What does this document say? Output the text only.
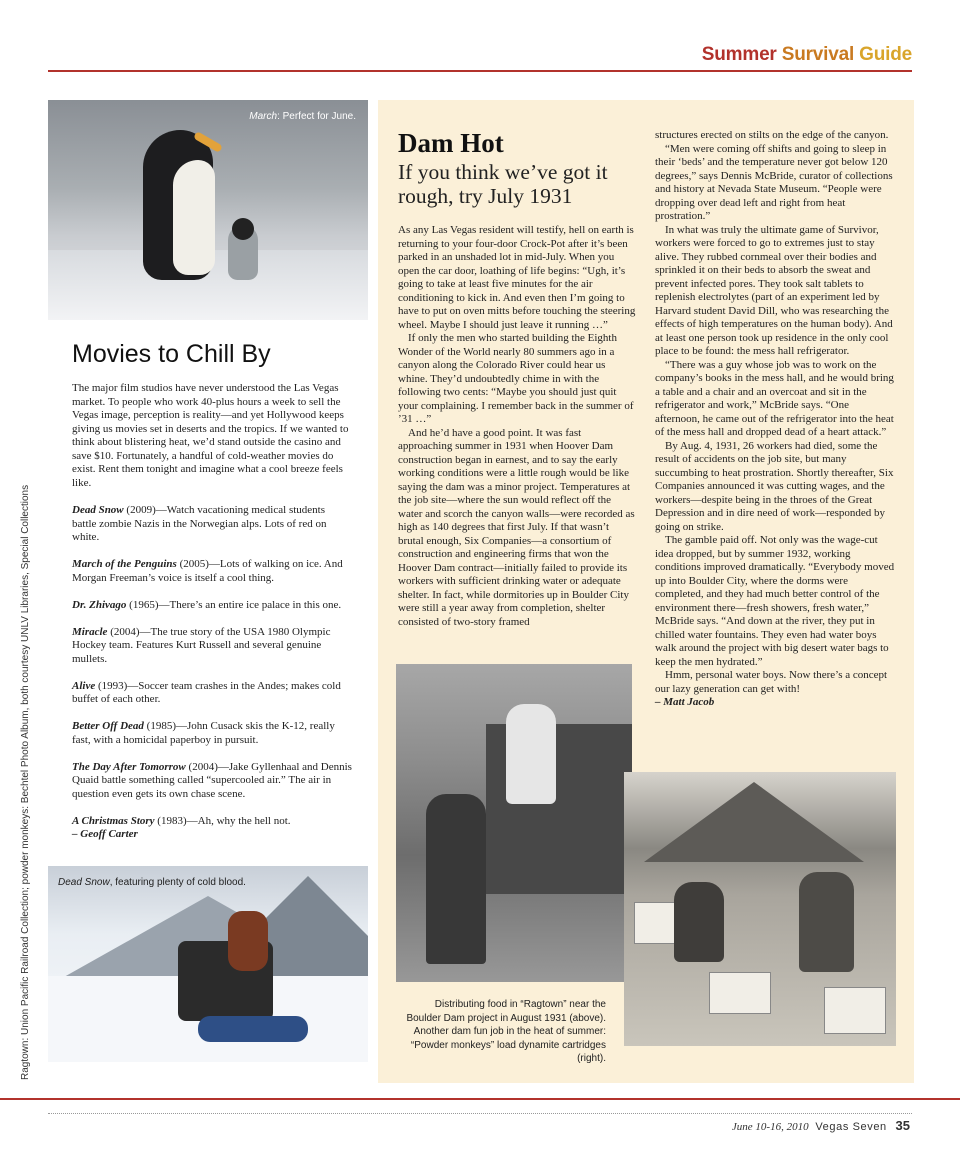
Summer Survival Guide
Ragtown: Union Pacific Railroad Collection; powder monkeys: Bechtel Photo Album, both courtesy UNLV Libraries, Special Collections
March: Perfect for June.
Movies to Chill By
The major film studios have never understood the Las Vegas market. To people who work 40-plus hours a week to sell the Vegas image, perception is reality—and yet Hollywood keeps giving us movies set in deserts and the tropics. If we wanted to think about blistering heat, we’d stand outside the casino and save $10. Fortunately, a handful of cold-weather movies do exist. Rent them tonight and imagine what a cool breeze feels like.

Dead Snow (2009)—Watch vacationing medical students battle zombie Nazis in the Norwegian alps. Lots of red on white.

March of the Penguins (2005)—Lots of walking on ice. And Morgan Freeman’s voice is itself a cool thing.

Dr. Zhivago (1965)—There’s an entire ice palace in this one.

Miracle (2004)—The true story of the USA 1980 Olympic Hockey team. Features Kurt Russell and several genuine mullets.

Alive (1993)—Soccer team crashes in the Andes; makes cold buffet of each other.

Better Off Dead (1985)—John Cusack skis the K-12, really fast, with a homicidal paperboy in pursuit.

The Day After Tomorrow (2004)—Jake Gyllenhaal and Dennis Quaid battle something called “supercooled air.” The air in question even gets its own chase scene.

A Christmas Story (1983)—Ah, why the hell not.
– Geoff Carter

Dead Snow, featuring plenty of cold blood.
Dam Hot
If you think we’ve got it rough, try July 1931

As any Las Vegas resident will testify, hell on earth is returning to your four-door Crock-Pot after it’s been parked in an unshaded lot in mid-July. When you open the car door, loathing of life begins: “Ugh, it’s going to take at least five minutes for the air conditioning to kick in. And even then I’m going to have to put on oven mitts before touching the steering wheel. Maybe I should just leave it running …”

If only the men who started building the Eighth Wonder of the World nearly 80 summers ago in a canyon along the Colorado River could hear us whine. They’d undoubtedly chime in with the following two cents: “Maybe you should just quit your complaining. I remember back in the summer of ’31 …”

And he’d have a good point. It was fast approaching summer in 1931 when Hoover Dam construction began in earnest, and to say the early working conditions were a little rough would be like saying the dam was a minor project. Temperatures at the job site—where the sun would reflect off the water and scorch the canyon walls—were recorded as high as 140 degrees that first July. If that wasn’t brutal enough, Six Companies—a consortium of construction and engineering firms that won the Hoover Dam contract—initially failed to provide its workers with sufficient drinking water or adequate shelter. In fact, while dormitories up in Boulder City were still a year away from completion, shelter consisted of two-story framed

structures erected on stilts on the edge of the canyon.

“Men were coming off shifts and going to sleep in their ‘beds’ and the temperature never got below 120 degrees,” says Dennis McBride, curator of collections and history at Nevada State Museum. “People were dropping over dead left and right from heat prostration.”

In what was truly the ultimate game of Survivor, workers were forced to go to extremes just to stay alive. They rubbed cornmeal over their bodies and sprinkled it on their beds to absorb the sweat and prevent infected pores. They took salt tablets to replenish electrolytes (part of an experiment led by Harvard student David Dill, who was researching the effects of high temperatures on the human body). And at least one person took up residence in the only cool place to be found: the mess hall refrigerator.

“There was a guy whose job was to work on the company’s books in the mess hall, and he would bring a table and a chair and an overcoat and sit in the refrigerator and work,” McBride says. “One afternoon, he came out of the refrigerator into the heat of the mess hall and dropped dead of a heart attack.”

By Aug. 4, 1931, 26 workers had died, some the result of accidents on the job site, but many succumbing to heat prostration. Shortly thereafter, Six Companies announced it was cutting wages, and the workers—despite being in the throes of the Great Depression and in dire need of work—responded by going on strike.

The gamble paid off. Not only was the wage-cut idea dropped, but by summer 1932, working conditions improved dramatically. “Everybody moved up into Boulder City, where the dorms were completed, and they had much better control of the environment there—fresh showers, fresh water,” McBride says. “And down at the river, they put in chilled water fountains. They even had water boys walk around the project with big desert water bags to keep the men hydrated.”

Hmm, personal water boys. Now there’s a concept our lazy generation can get with!

– Matt Jacob

Distributing food in “Ragtown” near the Boulder Dam project in August 1931 (above). Another dam fun job in the heat of summer: “Powder monkeys” load dynamite cartridges (right).
June 10-16, 2010 Vegas Seven 35
